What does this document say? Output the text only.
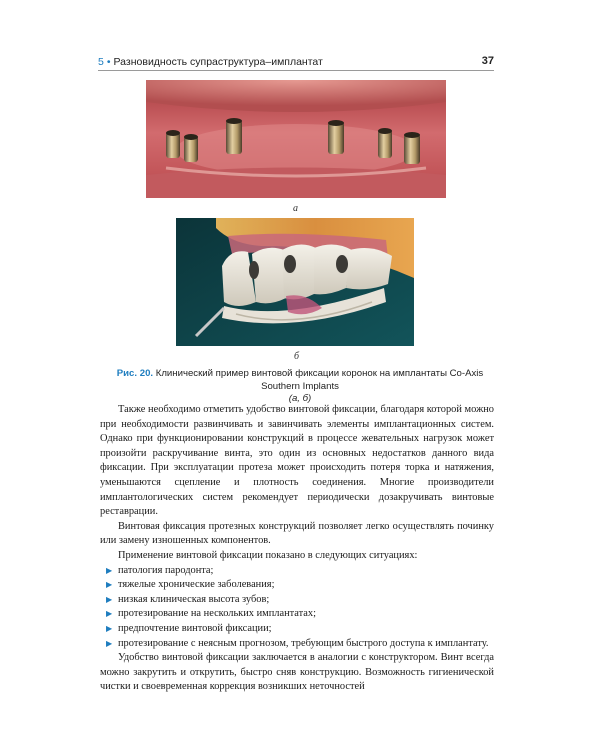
5 • Разновидность супраструктура–имплантат	37
а
б
Рис. 20. Клинический пример винтовой фиксации коронок на имплантаты Co-Axis Southern Implants
(а, б)

Также необходимо отметить удобство винтовой фиксации, благодаря которой можно при необходимости развинчивать и завинчивать элементы имплантационных систем. Однако при функционировании конструкций в процессе жевательных нагрузок может произойти раскручивание винта, это один из основных недостатков данного вида фиксации. При эксплуатации протеза может происходить потеря торка и натяжения, уменьшаются сцепление и плотность соединения. Многие производители имплантологических систем рекомендует периодически дозакручивать винтовые реставрации.

Винтовая фиксация протезных конструкций позволяет легко осуществлять починку или замену изношенных компонентов.

Применение винтовой фиксации показано в следующих ситуациях:

▶ патология пародонта;
▶ тяжелые хронические заболевания;
▶ низкая клиническая высота зубов;
▶ протезирование на нескольких имплантатах;
▶ предпочтение винтовой фиксации;
▶ протезирование с неясным прогнозом, требующим быстрого доступа к имплантату.

Удобство винтовой фиксации заключается в аналогии с конструктором. Винт всегда можно закрутить и открутить, быстро сняв конструкцию. Возможность гигиенической чистки и своевременная коррекция возникших неточностей
